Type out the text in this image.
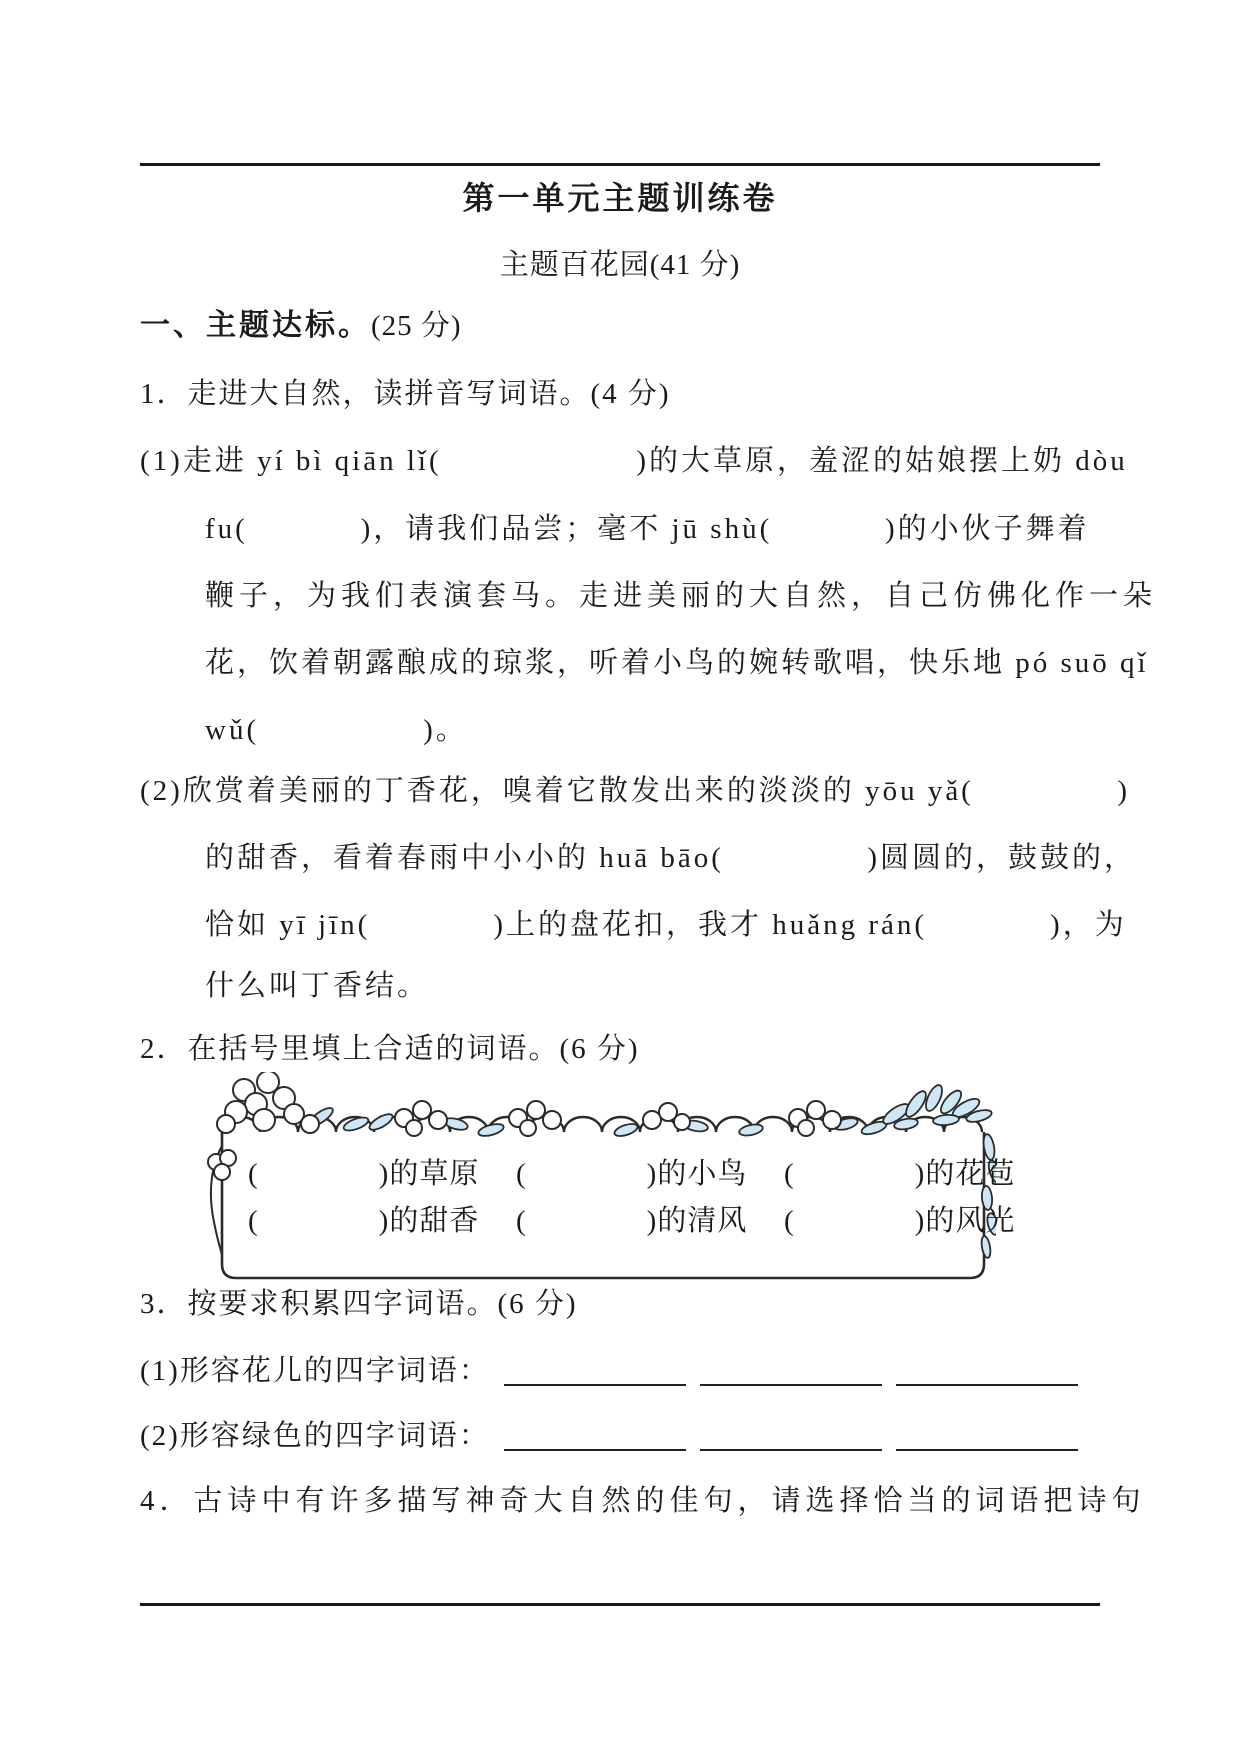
第一单元主题训练卷
主题百花园(41 分)
一、主题达标。(25 分)
1．走进大自然，读拼音写词语。(4 分)
(1)走进 yí bì qiān lǐ(                   )的大草原，羞涩的姑娘摆上奶 dòu
fu(           )，请我们品尝；毫不 jū shù(           )的小伙子舞着
鞭子，为我们表演套马。走进美丽的大自然，自己仿佛化作一朵
花，饮着朝露酿成的琼浆，听着小鸟的婉转歌唱，快乐地 pó suō qǐ
wǔ(                )。
(2)欣赏着美丽的丁香花，嗅着它散发出来的淡淡的 yōu yǎ(              )
的甜香，看着春雨中小小的 huā bāo(              )圆圆的，鼓鼓的，
恰如 yī jīn(            )上的盘花扣，我才 huǎng rán(            )，为
什么叫丁香结。
2．在括号里填上合适的词语。(6 分)
(　　　　)的草原	(　　　　)的小鸟	(　　　　)的花苞
(　　　　)的甜香	(　　　　)的清风	(　　　　)的风光
3．按要求积累四字词语。(6 分)
(1)形容花儿的四字词语：
(2)形容绿色的四字词语：
4．古诗中有许多描写神奇大自然的佳句，请选择恰当的词语把诗句
